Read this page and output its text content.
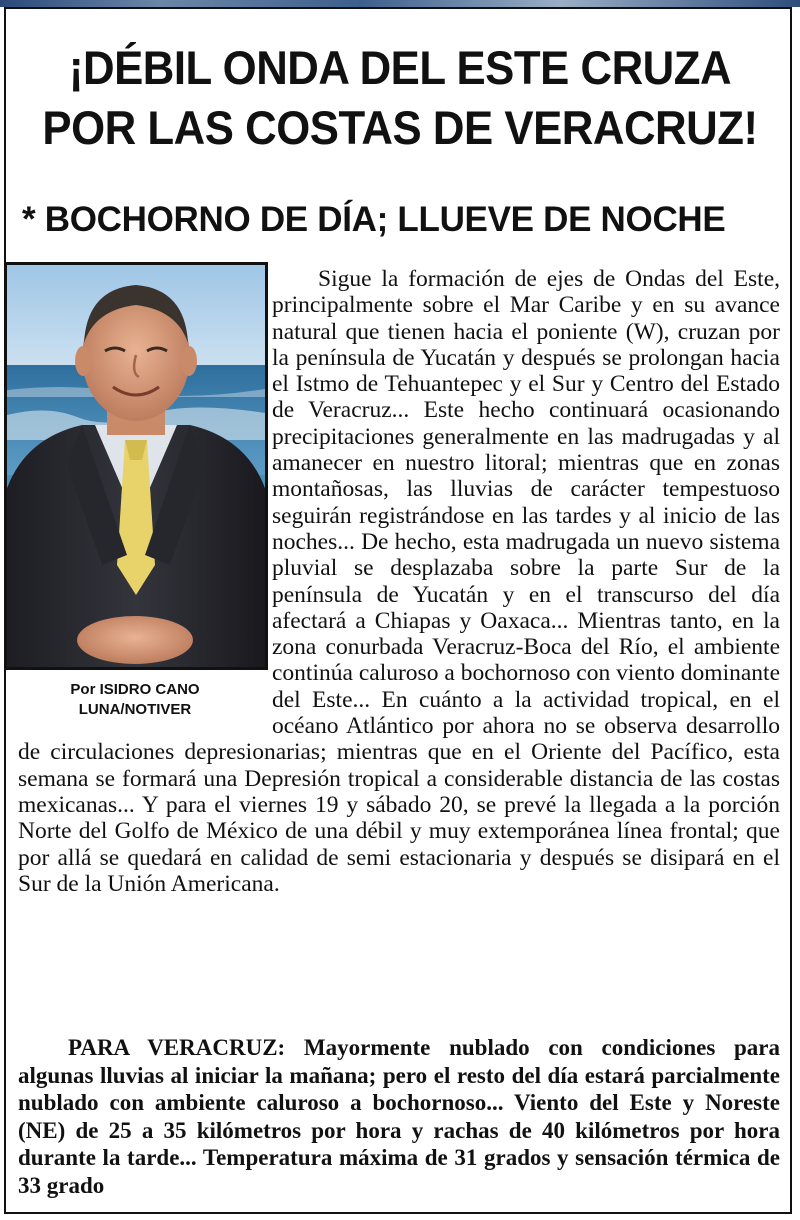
¡DÉBIL ONDA DEL ESTE CRUZA
POR LAS COSTAS DE VERACRUZ!
* BOCHORNO DE DÍA; LLUEVE DE NOCHE
Por ISIDRO CANO
LUNA/NOTIVER

Sigue la formación de ejes de Ondas del Este, principalmente sobre el Mar Caribe y en su avance natural que tienen hacia el poniente (W), cruzan por la península de Yucatán y después se prolongan hacia el Istmo de Tehuantepec y el Sur y Centro del Estado de Veracruz... Este hecho continuará ocasionando precipitaciones generalmente en las madrugadas y al amanecer en nuestro litoral; mientras que en zonas montañosas, las lluvias de carácter tempestuoso seguirán registrándose en las tardes y al inicio de las noches... De hecho, esta madrugada un nuevo sistema pluvial se desplazaba sobre la parte Sur de la península de Yucatán y en el transcurso del día afectará a Chiapas y Oaxaca... Mientras tanto, en la zona conurbada Veracruz-Boca del Río, el ambiente continúa caluroso a bochornoso con viento dominante del Este... En cuánto a la actividad tropical, en el océano Atlántico por ahora no se observa desarrollo de circulaciones depresionarias; mientras que en el Oriente del Pacífico, esta semana se formará una Depresión tropical a considerable distancia de las costas mexicanas... Y para el viernes 19 y sábado 20, se prevé la llegada a la porción Norte del Golfo de México de una débil y muy extemporánea línea frontal; que por allá se quedará en calidad de semi estacionaria y después se disipará en el Sur de la Unión Americana.

PARA VERACRUZ: Mayormente nublado con condiciones para algunas lluvias al iniciar la mañana; pero el resto del día estará parcialmente nublado con ambiente caluroso a bochornoso... Viento del Este y Noreste (NE) de 25 a 35 kilómetros por hora y rachas de 40 kilómetros por hora durante la tarde... Temperatura máxima de 31 grados y sensación térmica de 33 grado
